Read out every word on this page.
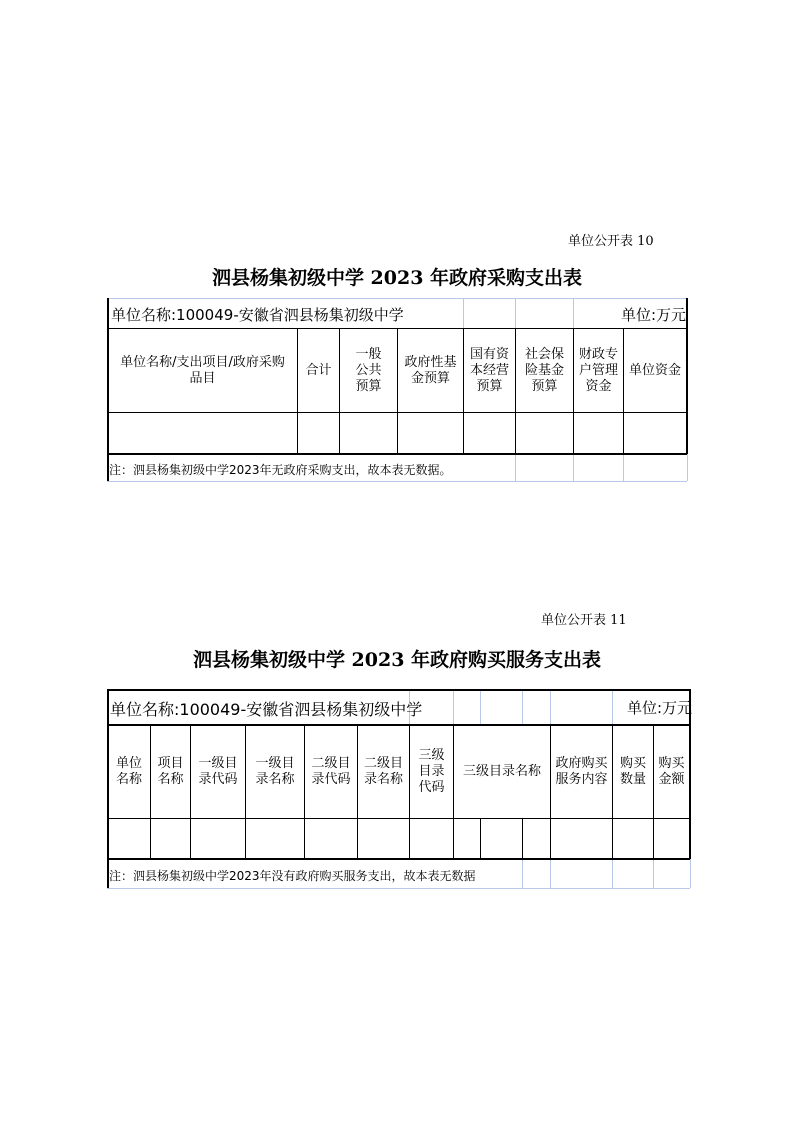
单位公开表 10
泗县杨集初级中学 2023 年政府采购支出表
单位名称:100049-安徽省泗县杨集初级中学	单位:万元
单位名称/支出项目/政府采购品目
合计
一般公共预算
政府性基金预算
国有资本经营预算
社会保险基金预算
财政专户管理资金
单位资金
注：泗县杨集初级中学2023年无政府采购支出，故本表无数据。
单位公开表 11
泗县杨集初级中学 2023 年政府购买服务支出表
单位名称:100049-安徽省泗县杨集初级中学	单位:万元
单位名称
项目名称
一级目录代码
一级目录名称
二级目录代码
二级目录名称
三级目录代码
三级目录名称
政府购买服务内容
购买数量
购买金额
注：泗县杨集初级中学2023年没有政府购买服务支出，故本表无数据
